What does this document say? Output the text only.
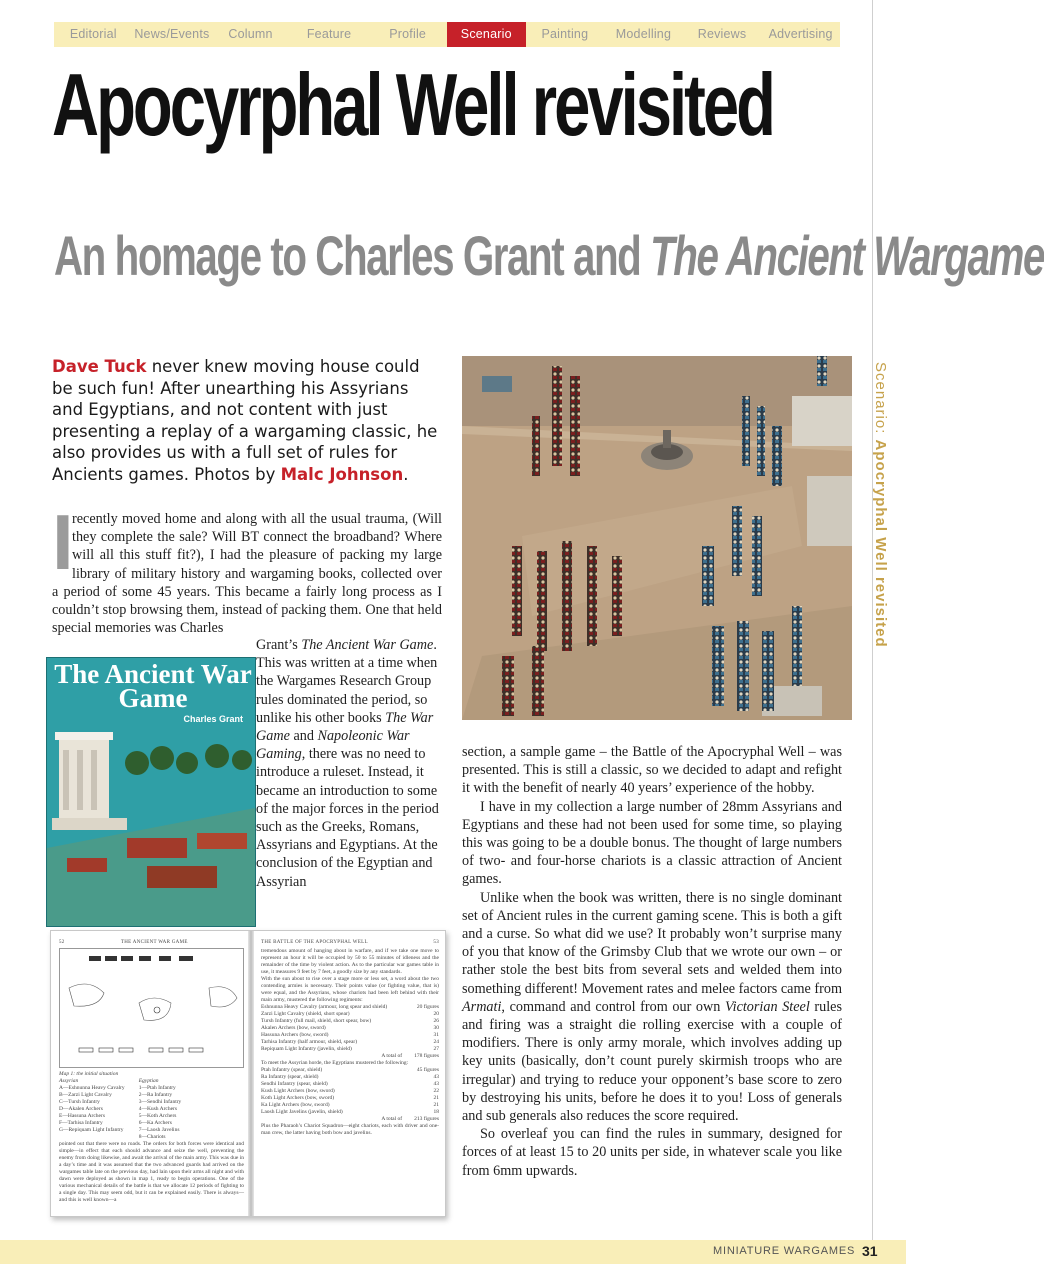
Editorial	News/Events	Column	Feature	Profile	Scenario	Painting	Modelling	Reviews	Advertising
Scenario: Apocryphal Well revisited
Apocyrphal Well revisited
An homage to Charles Grant and The Ancient Wargame
Dave Tuck never knew moving house could be such fun! After unearthing his Assyrians and Egyptians, and not content with just presenting a replay of a wargaming classic, he also provides us with a full set of rules for Ancients games. Photos by Malc Johnson.
I
recently moved home and along with all the usual trauma, (Will they complete the sale? Will BT connect the broadband? Where will all this stuff fit?), I had the pleasure of packing my large library of military history and wargaming books, collected over a period of some 45 years. This became a fairly long process as I couldn’t stop browsing them, instead of packing them. One that held special memories was Charles
Grant’s The Ancient War Game. This was written at a time when the Wargames Research Group rules dominated the period, so unlike his other books The War Game and Napoleonic War Gaming, there was no need to introduce a ruleset. Instead, it became an introduction to some of the major forces in the period such as the Greeks, Romans, Assyrians and Egyptians. At the conclusion of the Egyptian and Assyrian
The Ancient War Game
Charles Grant
52	THE ANCIENT WAR GAME

Map 1: the initial situation

Assyrian
A—Eshnunna Heavy Cavalry
B—Zarzi Light Cavalry
C—Tursh Infantry
D—Akalen Archers
E—Hassuna Archers
F—Tarhisa Infantry
G—Repiquam Light Infantry
Egyptian
1—Ptah Infantry
2—Ra Infantry
3—Sendhi Infantry
4—Kush Archers
5—Koth Archers
6—Ka Archers
7—Laosh Javelins
8—Chariots

pointed out that there were no roads. The orders for both forces were identical and simple—in effect that each should advance and seize the well, preventing the enemy from doing likewise, and await the arrival of the main army. This was due in a day’s time and it was assumed that the two advanced guards had arrived on the wargames table late on the previous day, had lain upon their arms all night and with dawn were deployed as shown in map 1, ready to begin operations. One of the various mechanical details of the battle is that we allocate 12 periods of fighting to a single day. This may seem odd, but it can be explained easily. There is always—and this is well known—a

THE BATTLE OF THE APOCRYPHAL WELL	53

tremendous amount of hanging about in warfare, and if we take one move to represent an hour it will be occupied by 50 to 55 minutes of idleness and the remainder of the time by violent action. As to the particular war games table in use, it measures 9 feet by 7 feet, a goodly size by any standards.

With the sun about to rise over a stage more or less set, a word about the two contending armies is necessary. Their points value (or fighting value, that is) were equal, and the Assyrians, whose chariots had been left behind with their main army, mustered the following regiments:

Eshnunna Heavy Cavalry (armour, long spear and shield)	20 figures
Zarzi Light Cavalry (shield, short spear)	20
Tursh Infantry (full mail, shield, short spear, bow)	26
Akalen Archers (bow, sword)	30
Hassuna Archers (bow, sword)	31
Tarhisa Infantry (half armour, shield, spear)	24
Repiquam Light Infantry (javelin, shield)	27
A total of 178 figures

To meet the Assyrian horde, the Egyptians mustered the following:

Ptah Infantry (spear, shield)	45 figures
Ra Infantry (spear, shield)	43
Sendhi Infantry (spear, shield)	43
Kush Light Archers (bow, sword)	22
Koth Light Archers (bow, sword)	21
Ka Light Archers (bow, sword)	21
Laosh Light Javelins (javelin, shield)	18
A total of 213 figures

Plus the Pharaoh’s Chariot Squadron—eight chariots, each with driver and one-man crew, the latter having both bow and javelins.

section, a sample game – the Battle of the Apocryphal Well – was presented. This is still a classic, so we decided to adapt and refight it with the benefit of nearly 40 years’ experience of the hobby.

I have in my collection a large number of 28mm Assyrians and Egyptians and these had not been used for some time, so playing this was going to be a double bonus. The thought of large numbers of two- and four-horse chariots is a classic attraction of Ancient games.

Unlike when the book was written, there is no single dominant set of Ancient rules in the current gaming scene. This is both a gift and a curse. So what did we use? It probably won’t surprise many of you that know of the Grimsby Club that we wrote our own – or rather stole the best bits from several sets and welded them into something different! Movement rates and melee factors came from Armati, command and control from our own Victorian Steel rules and firing was a straight die rolling exercise with a couple of modifiers. There is only army morale, which involves adding up key units (basically, don’t count purely skirmish troops who are irregular) and trying to reduce your opponent’s base score to zero by destroying his units, before he does it to you! Loss of generals and sub generals also reduces the score required.

So overleaf you can find the rules in summary, designed for forces of at least 15 to 20 units per side, in whatever scale you like from 6mm upwards.

MINIATURE WARGAMES 31
